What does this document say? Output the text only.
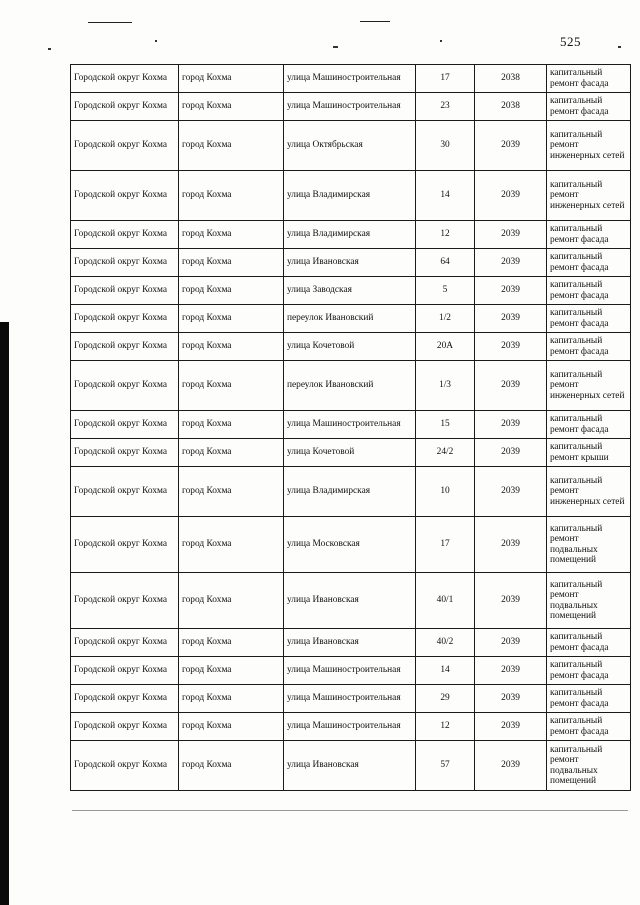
525
Городской округ Кохма	город Кохма	улица Машиностроительная	17	2038	капитальный ремонт фасада
Городской округ Кохма	город Кохма	улица Машиностроительная	23	2038	капитальный ремонт фасада
Городской округ Кохма	город Кохма	улица Октябрьская	30	2039	капитальный ремонт инженерных сетей
Городской округ Кохма	город Кохма	улица Владимирская	14	2039	капитальный ремонт инженерных сетей
Городской округ Кохма	город Кохма	улица Владимирская	12	2039	капитальный ремонт фасада
Городской округ Кохма	город Кохма	улица Ивановская	64	2039	капитальный ремонт фасада
Городской округ Кохма	город Кохма	улица Заводская	5	2039	капитальный ремонт фасада
Городской округ Кохма	город Кохма	переулок Ивановский	1/2	2039	капитальный ремонт фасада
Городской округ Кохма	город Кохма	улица Кочетовой	20А	2039	капитальный ремонт фасада
Городской округ Кохма	город Кохма	переулок Ивановский	1/3	2039	капитальный ремонт инженерных сетей
Городской округ Кохма	город Кохма	улица Машиностроительная	15	2039	капитальный ремонт фасада
Городской округ Кохма	город Кохма	улица Кочетовой	24/2	2039	капитальный ремонт крыши
Городской округ Кохма	город Кохма	улица Владимирская	10	2039	капитальный ремонт инженерных сетей
Городской округ Кохма	город Кохма	улица Московская	17	2039	капитальный ремонт подвальных помещений
Городской округ Кохма	город Кохма	улица Ивановская	40/1	2039	капитальный ремонт подвальных помещений
Городской округ Кохма	город Кохма	улица Ивановская	40/2	2039	капитальный ремонт фасада
Городской округ Кохма	город Кохма	улица Машиностроительная	14	2039	капитальный ремонт фасада
Городской округ Кохма	город Кохма	улица Машиностроительная	29	2039	капитальный ремонт фасада
Городской округ Кохма	город Кохма	улица Машиностроительная	12	2039	капитальный ремонт фасада
Городской округ Кохма	город Кохма	улица Ивановская	57	2039	капитальный ремонт подвальных помещений
